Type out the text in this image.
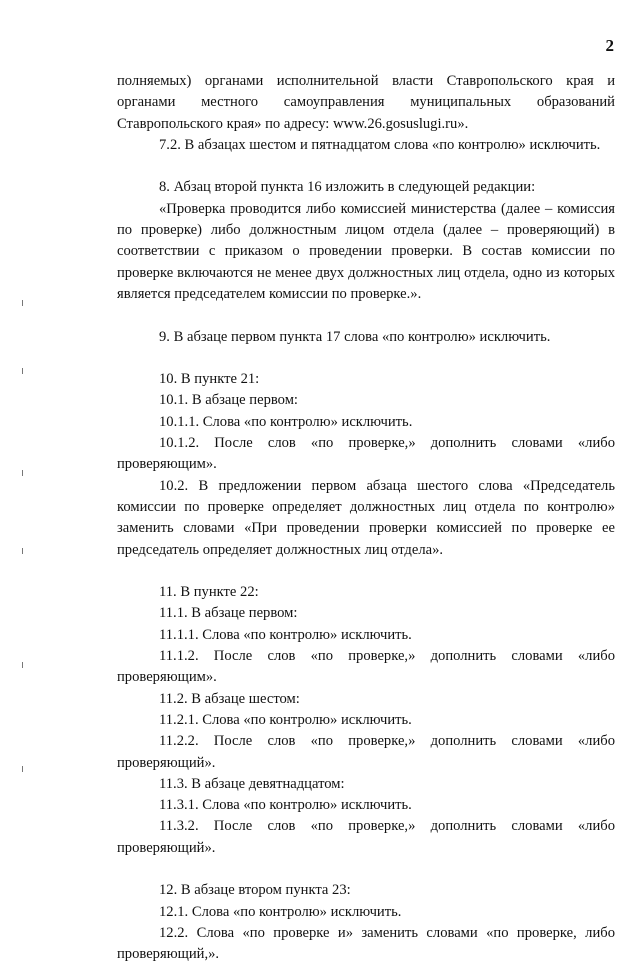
2

полняемых) органами исполнительной власти Ставропольского края и органами местного самоуправления муниципальных образований Ставропольского края» по адресу: www.26.gosuslugi.ru».

7.2. В абзацах шестом и пятнадцатом слова «по контролю» исключить.

8. Абзац второй пункта 16 изложить в следующей редакции:

«Проверка проводится либо комиссией министерства (далее – комиссия по проверке) либо должностным лицом отдела (далее – проверяющий) в соответствии с приказом о проведении проверки. В состав комиссии по проверке включаются не менее двух должностных лиц отдела, одно из которых является председателем комиссии по проверке.».

9. В абзаце первом пункта 17 слова «по контролю» исключить.

10. В пункте 21:

10.1. В абзаце первом:

10.1.1. Слова «по контролю» исключить.

10.1.2. После слов «по проверке,» дополнить словами «либо проверяющим».

10.2. В предложении первом абзаца шестого слова «Председатель комиссии по проверке определяет должностных лиц отдела по контролю» заменить словами «При проведении проверки комиссией по проверке ее председатель определяет должностных лиц отдела».

11. В пункте 22:

11.1. В абзаце первом:

11.1.1. Слова «по контролю» исключить.

11.1.2. После слов «по проверке,» дополнить словами «либо проверяющим».

11.2. В абзаце шестом:

11.2.1. Слова «по контролю» исключить.

11.2.2. После слов «по проверке,» дополнить словами «либо проверяющий».

11.3. В абзаце девятнадцатом:

11.3.1. Слова «по контролю» исключить.

11.3.2. После слов «по проверке,» дополнить словами «либо проверяющий».

12. В абзаце втором пункта 23:

12.1. Слова «по контролю» исключить.

12.2. Слова «по проверке и» заменить словами «по проверке, либо проверяющий,».
